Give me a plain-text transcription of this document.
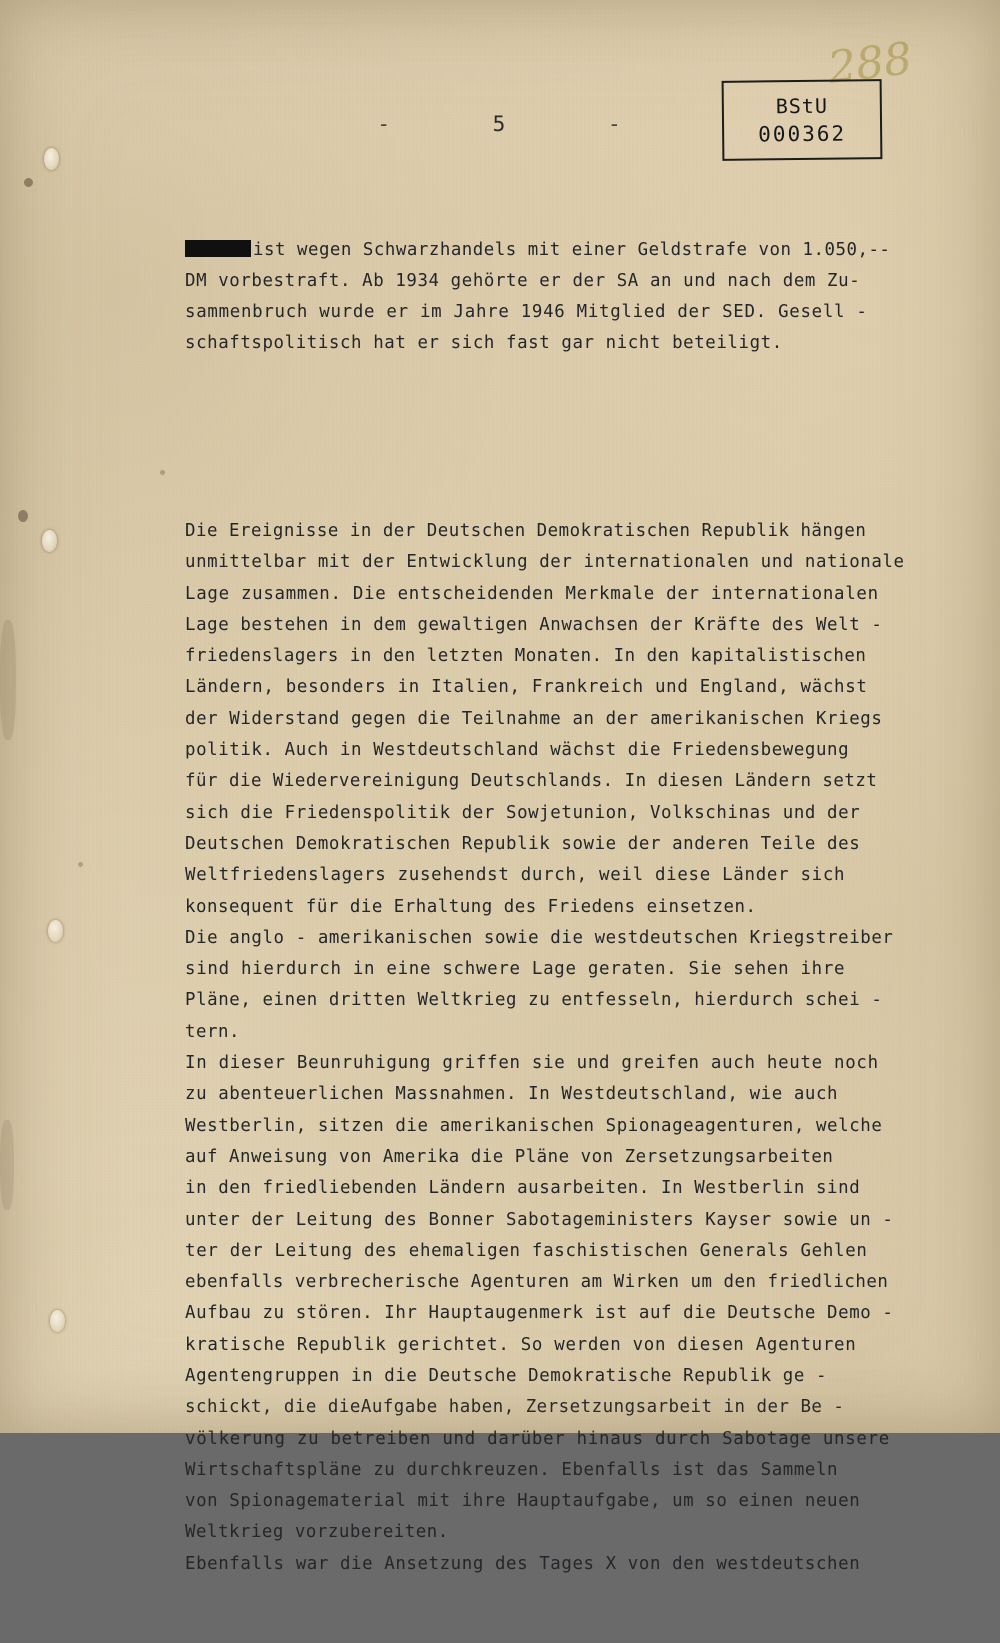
288
BStU
000362
-	5	-

ist wegen Schwarzhandels mit einer Geldstrafe von 1.050,--
DM vorbestraft. Ab 1934 gehörte er der SA an und nach dem Zu-
sammenbruch wurde er im Jahre 1946 Mitglied der SED. Gesell -
schaftspolitisch hat er sich fast gar nicht beteiligt.

Die Ereignisse in der Deutschen Demokratischen Republik hängen
unmittelbar mit der Entwicklung der internationalen und nationale
Lage zusammen. Die entscheidenden Merkmale der internationalen
Lage bestehen in dem gewaltigen Anwachsen der Kräfte des Welt -
friedenslagers in den letzten Monaten. In den kapitalistischen
Ländern, besonders in Italien, Frankreich und England, wächst
der Widerstand gegen die Teilnahme an der amerikanischen Kriegs
politik. Auch in Westdeutschland wächst die Friedensbewegung
für die Wiedervereinigung Deutschlands. In diesen Ländern setzt
sich die Friedenspolitik der Sowjetunion, Volkschinas und der
Deutschen Demokratischen Republik sowie der anderen Teile des
Weltfriedenslagers zusehendst durch, weil diese Länder sich
konsequent für die Erhaltung des Friedens einsetzen.
Die anglo - amerikanischen sowie die westdeutschen Kriegstreiber
sind hierdurch in eine schwere Lage geraten. Sie sehen ihre
Pläne, einen dritten Weltkrieg zu entfesseln, hierdurch schei -
tern.
In dieser Beunruhigung griffen sie und greifen auch heute noch
zu abenteuerlichen Massnahmen. In Westdeutschland, wie auch
Westberlin, sitzen die amerikanischen Spionageagenturen, welche
auf Anweisung von Amerika die Pläne von Zersetzungsarbeiten
in den friedliebenden Ländern ausarbeiten. In Westberlin sind
unter der Leitung des Bonner Sabotageministers Kayser sowie un -
ter der Leitung des ehemaligen faschistischen Generals Gehlen
ebenfalls verbrecherische Agenturen am Wirken um den friedlichen
Aufbau zu stören. Ihr Hauptaugenmerk ist auf die Deutsche Demo -
kratische Republik gerichtet. So werden von diesen Agenturen
Agentengruppen in die Deutsche Demokratische Republik ge -
schickt, die dieAufgabe haben, Zersetzungsarbeit in der Be -
völkerung zu betreiben und darüber hinaus durch Sabotage unsere
Wirtschaftspläne zu durchkreuzen. Ebenfalls ist das Sammeln
von Spionagematerial mit ihre Hauptaufgabe, um so einen neuen
Weltkrieg vorzubereiten.
Ebenfalls war die Ansetzung des Tages X von den westdeutschen
